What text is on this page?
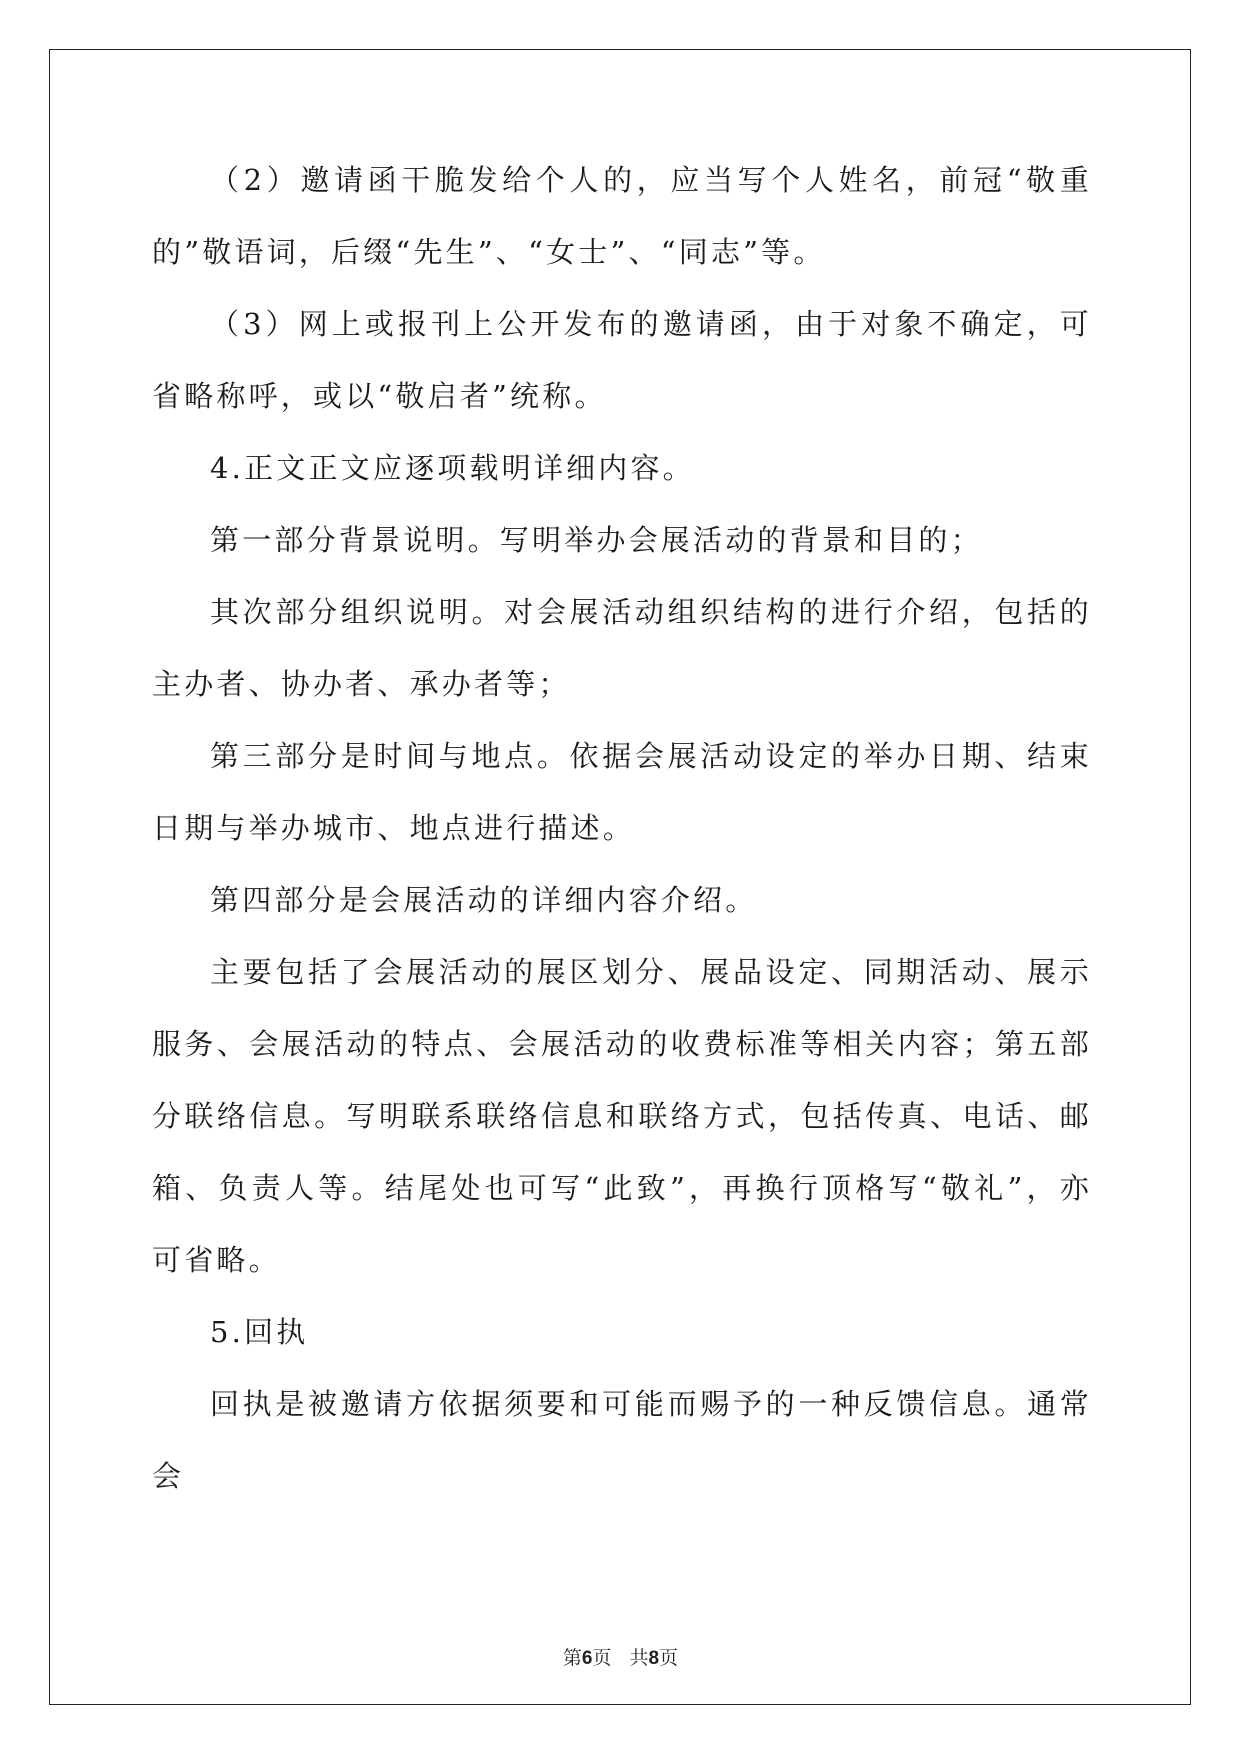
（2）邀请函干脆发给个人的，应当写个人姓名，前冠“敬重的”敬语词，后缀“先生”、“女士”、“同志”等。

（3）网上或报刊上公开发布的邀请函，由于对象不确定，可省略称呼，或以“敬启者”统称。

4.正文正文应逐项载明详细内容。

第一部分背景说明。写明举办会展活动的背景和目的；

其次部分组织说明。对会展活动组织结构的进行介绍，包括的主办者、协办者、承办者等；

第三部分是时间与地点。依据会展活动设定的举办日期、结束日期与举办城市、地点进行描述。

第四部分是会展活动的详细内容介绍。

主要包括了会展活动的展区划分、展品设定、同期活动、展示服务、会展活动的特点、会展活动的收费标准等相关内容；第五部分联络信息。写明联系联络信息和联络方式，包括传真、电话、邮箱、负责人等。结尾处也可写“此致”，再换行顶格写“敬礼”，亦可省略。

5.回执

回执是被邀请方依据须要和可能而赐予的一种反馈信息。通常会

第6页 共8页
